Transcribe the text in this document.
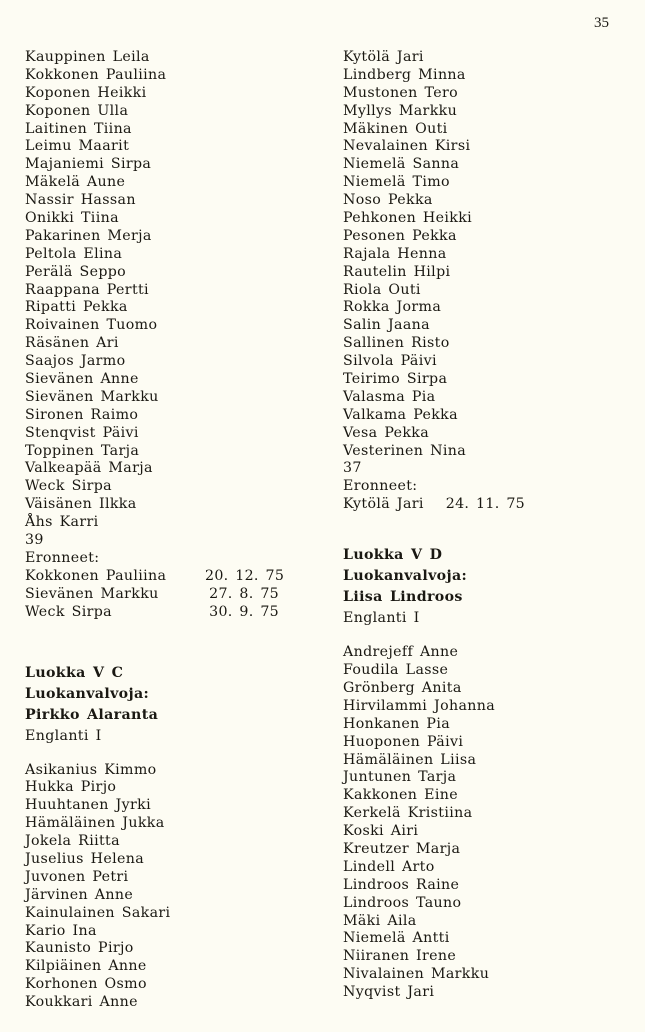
35
Kauppinen Leila
Kokkonen Pauliina
Koponen Heikki
Koponen Ulla
Laitinen Tiina
Leimu Maarit
Majaniemi Sirpa
Mäkelä Aune
Nassir Hassan
Onikki Tiina
Pakarinen Merja
Peltola Elina
Perälä Seppo
Raappana Pertti
Ripatti Pekka
Roivainen Tuomo
Räsänen Ari
Saajos Jarmo
Sievänen Anne
Sievänen Markku
Sironen Raimo
Stenqvist Päivi
Toppinen Tarja
Valkeapää Marja
Weck Sirpa
Väisänen Ilkka
Åhs Karri
39
Eronneet:
Kokkonen Pauliina	20. 12. 75
Sievänen Markku	27. 8. 75
Weck Sirpa	30. 9. 75
Luokka V C
Luokanvalvoja:
Pirkko Alaranta
Englanti I
Asikanius Kimmo
Hukka Pirjo
Huuhtanen Jyrki
Hämäläinen Jukka
Jokela Riitta
Juselius Helena
Juvonen Petri
Järvinen Anne
Kainulainen Sakari
Kario Ina
Kaunisto Pirjo
Kilpiäinen Anne
Korhonen Osmo
Koukkari Anne
Kytölä Jari
Lindberg Minna
Mustonen Tero
Myllys Markku
Mäkinen Outi
Nevalainen Kirsi
Niemelä Sanna
Niemelä Timo
Noso Pekka
Pehkonen Heikki
Pesonen Pekka
Rajala Henna
Rautelin Hilpi
Riola Outi
Rokka Jorma
Salin Jaana
Sallinen Risto
Silvola Päivi
Teirimo Sirpa
Valasma Pia
Valkama Pekka
Vesa Pekka
Vesterinen Nina
37
Eronneet:
Kytölä Jari 24. 11. 75
Luokka V D
Luokanvalvoja:
Liisa Lindroos
Englanti I
Andrejeff Anne
Foudila Lasse
Grönberg Anita
Hirvilammi Johanna
Honkanen Pia
Huoponen Päivi
Hämäläinen Liisa
Juntunen Tarja
Kakkonen Eine
Kerkelä Kristiina
Koski Airi
Kreutzer Marja
Lindell Arto
Lindroos Raine
Lindroos Tauno
Mäki Aila
Niemelä Antti
Niiranen Irene
Nivalainen Markku
Nyqvist Jari
